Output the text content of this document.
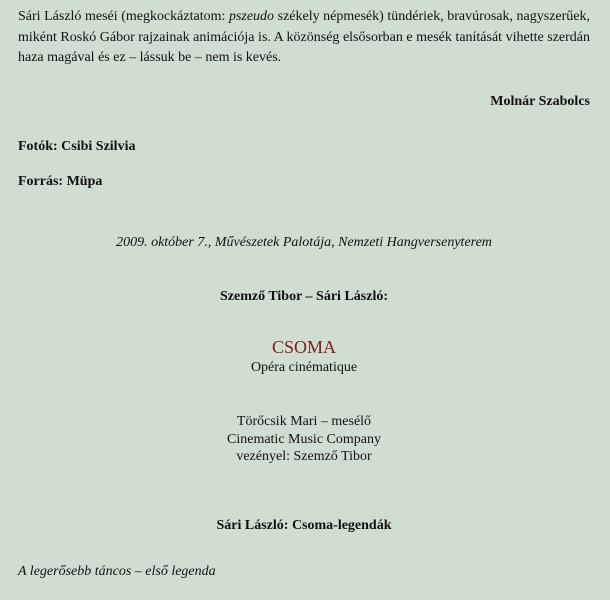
Sári László meséi (megkockáztatom: pszeudo székely népmesék) tündériek, bravúrosak, nagyszerűek, miként Roskó Gábor rajzainak animációja is. A közönség elsősorban e mesék tanítását vihette szerdán haza magával és ez – lássuk be – nem is kevés.

Molnár Szabolcs

Fotók: Csibi Szilvia

Forrás: Müpa

2009. október 7., Művészetek Palotája, Nemzeti Hangversenyterem

Szemző Tibor – Sári László:

CSOMA

Opéra cinématique

Törőcsik Mari – mesélő
Cinematic Music Company
vezényel: Szemző Tibor

Sári László: Csoma-legendák

A legerősebb táncos – első legenda
